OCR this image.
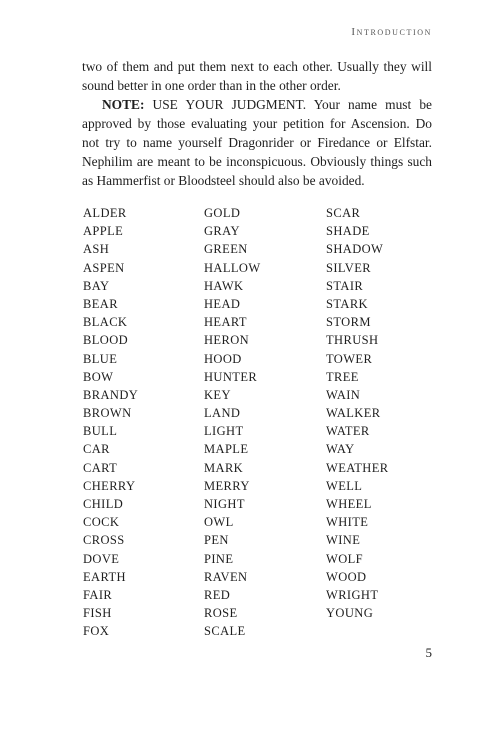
Introduction

two of them and put them next to each other. Usually they will sound better in one order than in the other order.

NOTE: USE YOUR JUDGMENT. Your name must be approved by those evaluating your petition for Ascension. Do not try to name yourself Dragonrider or Firedance or Elfstar. Nephilim are meant to be inconspicuous. Obviously things such as Hammerfist or Bloodsteel should also be avoided.

ALDER
APPLE
ASH
ASPEN
BAY
BEAR
BLACK
BLOOD
BLUE
BOW
BRANDY
BROWN
BULL
CAR
CART
CHERRY
CHILD
COCK
CROSS
DOVE
EARTH
FAIR
FISH
FOX
GOLD
GRAY
GREEN
HALLOW
HAWK
HEAD
HEART
HERON
HOOD
HUNTER
KEY
LAND
LIGHT
MAPLE
MARK
MERRY
NIGHT
OWL
PEN
PINE
RAVEN
RED
ROSE
SCALE
SCAR
SHADE
SHADOW
SILVER
STAIR
STARK
STORM
THRUSH
TOWER
TREE
WAIN
WALKER
WATER
WAY
WEATHER
WELL
WHEEL
WHITE
WINE
WOLF
WOOD
WRIGHT
YOUNG
5
